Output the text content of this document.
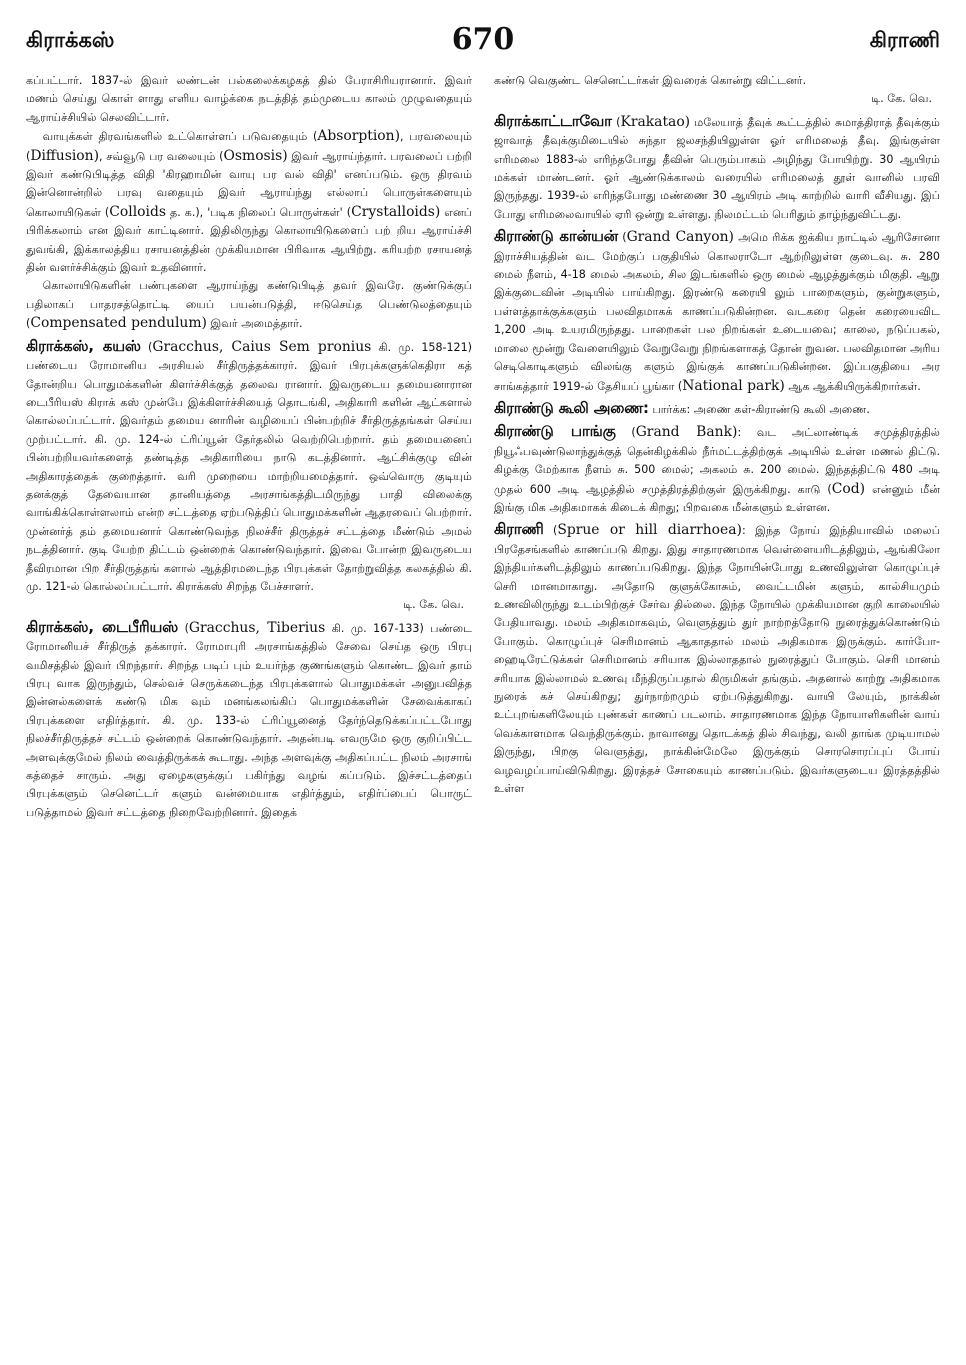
கிராக்கஸ்	670	கிராணி

கப்பட்டார். 1837-ல் இவர் லண்டன் பல்கலைக்கழகத் தில் பேராசிரியரானார். இவர் மணம் செய்து கொள் ளாது எளிய வாழ்க்கை நடத்தித் தம்முடைய காலம் முழுவதையும் ஆராய்ச்சியில் செலவிட்டார்.

வாயுக்கள் திரவங்களில் உட்கொள்ளப் படுவதையும் (Absorption), பரவலையும் (Diffusion), சவ்வூடு பர வலையும் (Osmosis) இவர் ஆராய்ந்தார். பரவலைப் பற்றி இவர் கண்டுபிடித்த விதி 'கிரஹாமின் வாயு பர வல் விதி' எனப்படும். ஒரு திரவம் இன்னொன்றில் பரவு வதையும் இவர் ஆராய்ந்து எல்லாப் பொருள்களையும் கொலாயிடுகள் (Colloids த. க.), 'படிக நிலைப் பொருள்கள்' (Crystalloids) எனப் பிரிக்கலாம் என இவர் காட்டினார். இதிலிருந்து கொலாயிடுகளைப் பற் றிய ஆராய்ச்சி துவங்கி, இக்காலத்திய ரசாயனத்தின் முக்கியமான பிரிவாக ஆயிற்று. கரியற்ற ரசாயனத் தின் வளர்ச்சிக்கும் இவர் உதவினார்.

கொலாயிடுகளின் பண்புகளை ஆராய்ந்து கண்டுபிடித் தவர் இவரே. குண்டுக்குப் பதிலாகப் பாதரசத்தொட்டி யைப் பயன்படுத்தி, ஈடுசெய்த பெண்டுலத்தையும் (Compensated pendulum) இவர் அமைத்தார்.

கிராக்கஸ், கயஸ் (Gracchus, Caius Sem pronius கி. மு. 158-121) பண்டைய ரோமானிய அரசியல் சீர்திருத்தக்காரர். இவர் பிரபுக்களுக்கெதிரா கத் தோன்றிய பொதுமக்களின் கிளர்ச்சிக்குத் தலைவ ரானார். இவருடைய தமையனாரான டைபீரியஸ் கிராக் கஸ் முன்பே இக்கிளர்ச்சியைத் தொடங்கி, அதிகாரி களின் ஆட்களால் கொல்லப்பட்டார். இவர்தம் தமைய னாரின் வழியைப் பின்பற்றிச் சீர்திருத்தங்கள் செய்ய முற்பட்டார். கி. மு. 124-ல் ட்ரிப்யூன் தேர்தலில் வெற்றிபெற்றார். தம் தமையனைப் பின்பற்றியவர்களைத் தண்டித்த அதிகாரியை நாடு கடத்தினார். ஆட்சிக்குழு வின் அதிகாரத்தைக் குறைத்தார். வரி முறையை மாற்றியமைத்தார். ஒவ்வொரு குடியும் தனக்குத் தேவையான தானியத்தை அரசாங்கத்திடமிருந்து பாதி விலைக்கு வாங்கிக்கொள்ளலாம் என்ற சட்டத்தை ஏற்படுத்திப் பொதுமக்களின் ஆதரவைப் பெற்றார். முன்னர்த் தம் தமையனார் கொண்டுவந்த நிலச்சீர் திருத்தச் சட்டத்தை மீண்டும் அமல் நடத்தினார். குடி யேற்ற திட்டம் ஒன்றைக் கொண்டுவந்தார். இவை போன்ற இவருடைய தீவிரமான பிற சீர்திருத்தங் களால் ஆத்திரமடைந்த பிரபுக்கள் தோற்றுவித்த கலகத்தில் கி. மு. 121-ல் கொல்லப்பட்டார். கிராக்கஸ் சிறந்த பேச்சாளர்.
டி. கே. வெ.

கிராக்கஸ், டைபீரியஸ் (Gracchus, Tiberius கி. மு. 167-133) பண்டை ரோமானியச் சீர்திருத் தக்காரர். ரோமாபுரி அரசாங்கத்தில் சேவை செய்த ஒரு பிரபு வமிசத்தில் இவர் பிறந்தார். சிறந்த படிப் பும் உயர்ந்த குணங்களும் கொண்ட இவர் தாம் பிரபு வாக இருந்தும், செல்வச் செருக்கடைந்த பிரபுக்களால் பொதுமக்கள் அனுபவித்த இன்னல்களைக் கண்டு மிக வும் மனங்கலங்கிப் பொதுமக்களின் சேவைக்காகப் பிரபுக்களை எதிர்த்தார். கி. மு. 133-ல் ட்ரிப்யூனைத் தேர்ந்தெடுக்கப்பட்டபோது நிலச்சீர்திருத்தச் சட்டம் ஒன்றைக் கொண்டுவந்தார். அதன்படி எவருமே ஒரு குறிப்பிட்ட அளவுக்குமேல் நிலம் வைத்திருக்கக் கூடாது. அந்த அளவுக்கு அதிகப்பட்ட நிலம் அரசாங் கத்தைச் சாரும். அது ஏழைகளுக்குப் பகிர்ந்து வழங் கப்படும். இச்சட்டத்தைப் பிரபுக்களும் செனெட்டர் களும் வன்மையாக எதிர்த்தும், எதிர்ப்பைப் பொருட் படுத்தாமல் இவர் சட்டத்தை நிறைவேற்றினார். இதைக்

கண்டு வெகுண்ட செனெட்டர்கள் இவரைக் கொன்று விட்டனர்.
டி. கே. வெ.

கிராக்காட்டாவோ (Krakatao) மலேயாத் தீவுக் கூட்டத்தில் சுமாத்திராத் தீவுக்கும் ஜாவாத் தீவுக்குமிடையில் சுந்தா ஜலசந்தியிலுள்ள ஓர் எரிமலைத் தீவு. இங்குள்ள எரிமலை 1883-ல் எரிந்தபோது தீவின் பெரும்பாகம் அழிந்து போயிற்று. 30 ஆயிரம் மக்கள் மாண்டனர். ஓர் ஆண்டுக்காலம் வரையில் எரிமலைத் தூள் வானில் பரவி இருந்தது. 1939-ல் எரிந்தபோது மண்ணை 30 ஆயிரம் அடி காற்றில் வாரி வீசியது. இப் போது எரிமலைவாயில் ஏரி ஒன்று உள்ளது. நிலமட்டம் பெரிதும் தாழ்ந்துவிட்டது.

கிராண்டு கான்யன் (Grand Canyon) அமெ ரிக்க ஐக்கிய நாட்டில் ஆரிசோனா இராச்சியத்தின் வட மேற்குப் பகுதியில் கொலராடோ ஆற்றிலுள்ள குடைவு. சு. 280 மைல் நீளம், 4-18 மைல் அகலம், சில இடங்களில் ஒரு மைல் ஆழத்துக்கும் மிகுதி. ஆறு இக்குடைவின் அடியில் பாய்கிறது. இரண்டு கரையி லும் பாறைகளும், குன்றுகளும், பள்ளத்தாக்குக்களும் பலவிதமாகக் காணப்படுகின்றன. வடகரை தென் கரையைவிட 1,200 அடி உயரமிருந்தது. பாறைகள் பல நிறங்கள் உடையவை; காலை, நடுப்பகல், மாலை மூன்று வேளையிலும் வேறுவேறு நிறங்களாகத் தோன் றுவன. பலவிதமான அரிய செடிகொடிகளும் விலங்கு களும் இங்குக் காணப்படுகின்றன. இப்பகுதியை அர சாங்கத்தார் 1919-ல் தேசியப் பூங்கா (National park) ஆக ஆக்கியிருக்கிறார்கள்.

கிராண்டு கூலி அணை: பார்க்க: அணை கள்-கிராண்டு கூலி அணை.

கிராண்டு பாங்கு (Grand Bank): வட அட்லாண்டிக் சமுத்திரத்தில் நியூஃபவுண்டுலாந்துக்குத் தென்கிழக்கில் நீர்மட்டத்திற்குக் அடியில் உள்ள மணல் திட்டு. கிழக்கு மேற்காக நீளம் சு. 500 மைல்; அகலம் சு. 200 மைல். இந்தத்திட்டு 480 அடி முதல் 600 அடி ஆழத்தில் சமுத்திரத்திற்குள் இருக்கிறது. காடு (Cod) என்னும் மீன் இங்கு மிக அதிகமாகக் கிடைக் கிறது; பிறவகை மீன்களும் உள்ளன.

கிராணி (Sprue or hill diarrhoea): இந்த நோய் இந்தியாவில் மலைப் பிரதேசங்களில் காணப்படு கிறது. இது சாதாரணமாக வெள்ளையரிடத்திலும், ஆங்கிலோ இந்தியர்களிடத்திலும் காணப்படுகிறது. இந்த நோயின்போது உணவிலுள்ள கொழுப்புச் செரி மானமாகாது. அதோடு குளுக்கோசும், வைட்டமின் களும், கால்சியமும் உணவிலிருந்து உடம்பிற்குச் சேர்வ தில்லை. இந்த நோயில் முக்கியமான குறி காலையில் பேதியாவது. மலம் அதிகமாகவும், வெளுத்தும் துர் நாற்றத்தோடு நுரைத்துக்கொண்டும் போகும். கொழுப்புச் செரிமானம் ஆகாததால் மலம் அதிகமாக இருக்கும். கார்போ-ஹைடிரேட்டுக்கள் செரிமானம் சரியாக இல்லாததால் நுரைத்துப் போகும். செரி மானம் சரியாக இல்லாமல் உணவு மீந்திருப்பதால் கிருமிகள் தங்கும். அதனால் காற்று அதிகமாக நுரைக் கச் செய்கிறது; துர்நாற்றமும் ஏற்படுத்துகிறது. வாயி லேயும், நாக்கின் உட்புறங்களிலேயும் புண்கள் காணப் படலாம். சாதாரணமாக இந்த நோயாளிகளின் வாய் வெக்காளமாக வெந்திருக்கும். நாவானது தொடக்கத் தில் சிவந்து, வலி தாங்க முடியாமல் இருந்து, பிறகு வெளுத்து, நாக்கின்மேலே இருக்கும் சொரசொரப்புப் போய் வழவழப்பாய்விடுகிறது. இரத்தச் சோகையும் காணப்படும். இவர்களுடைய இரத்தத்தில் உள்ள
